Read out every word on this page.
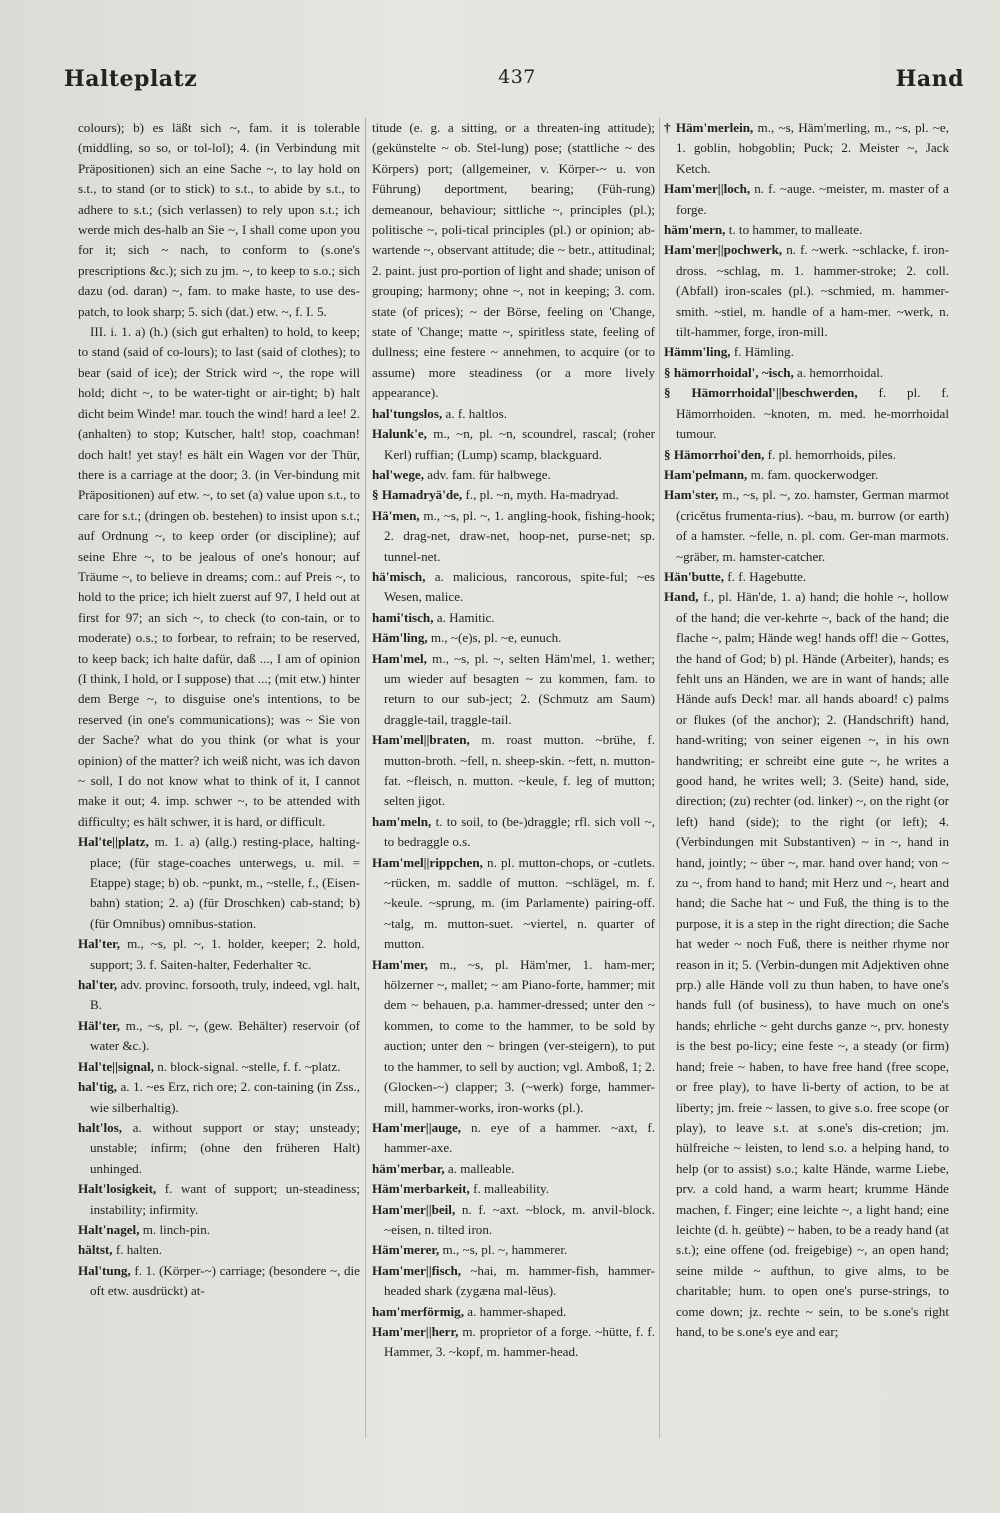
Haltеplatz	437	Hand

colours); b) es läßt sich ~, fam. it is tolerable (middling, so so, or tol-lol); 4. (in Verbindung mit Präpositionen) sich an eine Sache ~, to lay hold on s.t., to stand (or to stick) to s.t., to abide by s.t., to adhere to s.t.; (sich verlassen) to rely upon s.t.; ich werde mich des-halb an Sie ~, I shall come upon you for it; sich ~ nach, to conform to (s.one's prescriptions &c.); sich zu jm. ~, to keep to s.o.; sich dazu (od. daran) ~, fam. to make haste, to use des-patch, to look sharp; 5. sich (dat.) etw. ~, f. I. 5.

III. i. 1. a) (h.) (sich gut erhalten) to hold, to keep; to stand (said of co-lours); to last (said of clothes); to bear (said of ice); der Strick wird ~, the rope will hold; dicht ~, to be water-tight or air-tight; b) halt dicht beim Winde! mar. touch the wind! hard a lee! 2. (anhalten) to stop; Kutscher, halt! stop, coachman! doch halt! yet stay! es hält ein Wagen vor der Thür, there is a carriage at the door; 3. (in Ver-bindung mit Präpositionen) auf etw. ~, to set (a) value upon s.t., to care for s.t.; (dringen ob. bestehen) to insist upon s.t.; auf Ordnung ~, to keep order (or discipline); auf seine Ehre ~, to be jealous of one's honour; auf Träume ~, to believe in dreams; com.: auf Preis ~, to hold to the price; ich hielt zuerst auf 97, I held out at first for 97; an sich ~, to check (to con-tain, or to moderate) o.s.; to forbear, to refrain; to be reserved, to keep back; ich halte dafür, daß ..., I am of opinion (I think, I hold, or I suppose) that ...; (mit etw.) hinter dem Berge ~, to disguise one's intentions, to be reserved (in one's communications); was ~ Sie von der Sache? what do you think (or what is your opinion) of the matter? ich weiß nicht, was ich davon ~ soll, I do not know what to think of it, I cannot make it out; 4. imp. schwer ~, to be attended with difficulty; es hält schwer, it is hard, or difficult.

Hal'te||platz, m. 1. a) (allg.) resting-place, halting-place; (für stage-coaches unterwegs, u. mil. = Etappe) stage; b) ob. ~punkt, m., ~stelle, f., (Eisen-bahn) station; 2. a) (für Droschken) cab-stand; b) (für Omnibus) omnibus-station.

Hal'ter, m., ~s, pl. ~, 1. holder, keeper; 2. hold, support; 3. f. Saiten-halter, Federhalter ꝛc.

hal'ter, adv. provinc. forsooth, truly, indeed, vgl. halt, B.

Häl'ter, m., ~s, pl. ~, (gew. Behälter) reservoir (of water &c.).

Hal'te||signal, n. block-signal. ~stelle, f. f. ~platz.

hal'tig, a. 1. ~es Erz, rich ore; 2. con-taining (in Zss., wie silberhaltig).

halt'los, a. without support or stay; unsteady; unstable; infirm; (ohne den früheren Halt) unhinged.

Halt'losigkeit, f. want of support; un-steadiness; instability; infirmity.

Halt'nagel, m. linch-pin.

hältst, f. halten.

Hal'tung, f. 1. (Körper-~) carriage; (besondere ~, die oft etw. ausdrückt) at-

titude (e. g. a sitting, or a threaten-ing attitude); (gekünstelte ~ ob. Stel-lung) pose; (stattliche ~ des Körpers) port; (allgemeiner, v. Körper-~ u. von Führung) deportment, bearing; (Füh-rung) demeanour, behaviour; sittliche ~, principles (pl.); politische ~, poli-tical principles (pl.) or opinion; ab-wartende ~, observant attitude; die ~ betr., attitudinal; 2. paint. just pro-portion of light and shade; unison of grouping; harmony; ohne ~, not in keeping; 3. com. state (of prices); ~ der Börse, feeling on 'Change, state of 'Change; matte ~, spiritless state, feeling of dullness; eine festere ~ annehmen, to acquire (or to assume) more steadiness (or a more lively appearance).

hal'tungslos, a. f. haltlos.

Halunk'e, m., ~n, pl. ~n, scoundrel, rascal; (roher Kerl) ruffian; (Lump) scamp, blackguard.

hal'wege, adv. fam. für halbwege.

§ Hamadryä'de, f., pl. ~n, myth. Ha-madryad.

Hä'men, m., ~s, pl. ~, 1. angling-hook, fishing-hook; 2. drag-net, draw-net, hoop-net, purse-net; sp. tunnel-net.

hä'misch, a. malicious, rancorous, spite-ful; ~es Wesen, malice.

hami'tisch, a. Hamitic.

Häm'ling, m., ~(e)s, pl. ~e, eunuch.

Ham'mel, m., ~s, pl. ~, selten Häm'mel, 1. wether; um wieder auf besagten ~ zu kommen, fam. to return to our sub-ject; 2. (Schmutz am Saum) draggle-tail, traggle-tail.

Ham'mel||braten, m. roast mutton. ~brühe, f. mutton-broth. ~fell, n. sheep-skin. ~fett, n. mutton-fat. ~fleisch, n. mutton. ~keule, f. leg of mutton; selten jigot.

ham'meln, t. to soil, to (be-)draggle; rfl. sich voll ~, to bedraggle o.s.

Ham'mel||rippchen, n. pl. mutton-chops, or -cutlets. ~rücken, m. saddle of mutton. ~schlägel, m. f. ~keule. ~sprung, m. (im Parlamente) pairing-off. ~talg, m. mutton-suet. ~viertel, n. quarter of mutton.

Ham'mer, m., ~s, pl. Häm'mer, 1. ham-mer; hölzerner ~, mallet; ~ am Piano-forte, hammer; mit dem ~ behauen, p.a. hammer-dressed; unter den ~ kommen, to come to the hammer, to be sold by auction; unter den ~ bringen (ver-steigern), to put to the hammer, to sell by auction; vgl. Amboß, 1; 2. (Glocken-~) clapper; 3. (~werk) forge, hammer-mill, hammer-works, iron-works (pl.).

Ham'mer||auge, n. eye of a hammer. ~axt, f. hammer-axe.

häm'merbar, a. malleable.

Häm'merbarkeit, f. malleability.

Ham'mer||beil, n. f. ~axt. ~block, m. anvil-block. ~eisen, n. tilted iron.

Häm'merer, m., ~s, pl. ~, hammerer.

Ham'mer||fisch, ~hai, m. hammer-fish, hammer-headed shark (zygæna mal-lĕus).

ham'merförmig, a. hammer-shaped.

Ham'mer||herr, m. proprietor of a forge. ~hütte, f. f. Hammer, 3. ~kopf, m. hammer-head.

† Häm'merlein, m., ~s, Häm'merling, m., ~s, pl. ~e, 1. goblin, hobgoblin; Puck; 2. Meister ~, Jack Ketch.

Ham'mer||loch, n. f. ~auge. ~meister, m. master of a forge.

häm'mern, t. to hammer, to malleate.

Ham'mer||pochwerk, n. f. ~werk. ~schlacke, f. iron-dross. ~schlag, m. 1. hammer-stroke; 2. coll. (Abfall) iron-scales (pl.). ~schmied, m. hammer-smith. ~stiel, m. handle of a ham-mer. ~werk, n. tilt-hammer, forge, iron-mill.

Hämm'ling, f. Hämling.

§ hämorrhoidal', ~isch, a. hemorrhoidal.

§ Hämorrhoidal'||beschwerden, f. pl. f. Hämorrhoiden. ~knoten, m. med. he-morrhoidal tumour.

§ Hämorrhoi'den, f. pl. hemorrhoids, piles.

Ham'pelmann, m. fam. quockerwodger.

Ham'ster, m., ~s, pl. ~, zo. hamster, German marmot (cricĕtus frumenta-rius). ~bau, m. burrow (or earth) of a hamster. ~felle, n. pl. com. Ger-man marmots. ~gräber, m. hamster-catcher.

Hän'butte, f. f. Hagebutte.

Hand, f., pl. Hän'de, 1. a) hand; die hohle ~, hollow of the hand; die ver-kehrte ~, back of the hand; die flache ~, palm; Hände weg! hands off! die ~ Gottes, the hand of God; b) pl. Hände (Arbeiter), hands; es fehlt uns an Händen, we are in want of hands; alle Hände aufs Deck! mar. all hands aboard! c) palms or flukes (of the anchor); 2. (Handschrift) hand, hand-writing; von seiner eigenen ~, in his own handwriting; er schreibt eine gute ~, he writes a good hand, he writes well; 3. (Seite) hand, side, direction; (zu) rechter (od. linker) ~, on the right (or left) hand (side); to the right (or left); 4. (Verbindungen mit Substantiven) ~ in ~, hand in hand, jointly; ~ über ~, mar. hand over hand; von ~ zu ~, from hand to hand; mit Herz und ~, heart and hand; die Sache hat ~ und Fuß, the thing is to the purpose, it is a step in the right direction; die Sache hat weder ~ noch Fuß, there is neither rhyme nor reason in it; 5. (Verbin-dungen mit Adjektiven ohne prp.) alle Hände voll zu thun haben, to have one's hands full (of business), to have much on one's hands; ehrliche ~ geht durchs ganze ~, prv. honesty is the best po-licy; eine feste ~, a steady (or firm) hand; freie ~ haben, to have free hand (free scope, or free play), to have li-berty of action, to be at liberty; jm. freie ~ lassen, to give s.o. free scope (or play), to leave s.t. at s.one's dis-cretion; jm. hülfreiche ~ leisten, to lend s.o. a helping hand, to help (or to assist) s.o.; kalte Hände, warme Liebe, prv. a cold hand, a warm heart; krumme Hände machen, f. Finger; eine leichte ~, a light hand; eine leichte (d. h. geübte) ~ haben, to be a ready hand (at s.t.); eine offene (od. freigebige) ~, an open hand; seine milde ~ aufthun, to give alms, to be charitable; hum. to open one's purse-strings, to come down; jz. rechte ~ sein, to be s.one's right hand, to be s.one's eye and ear;
